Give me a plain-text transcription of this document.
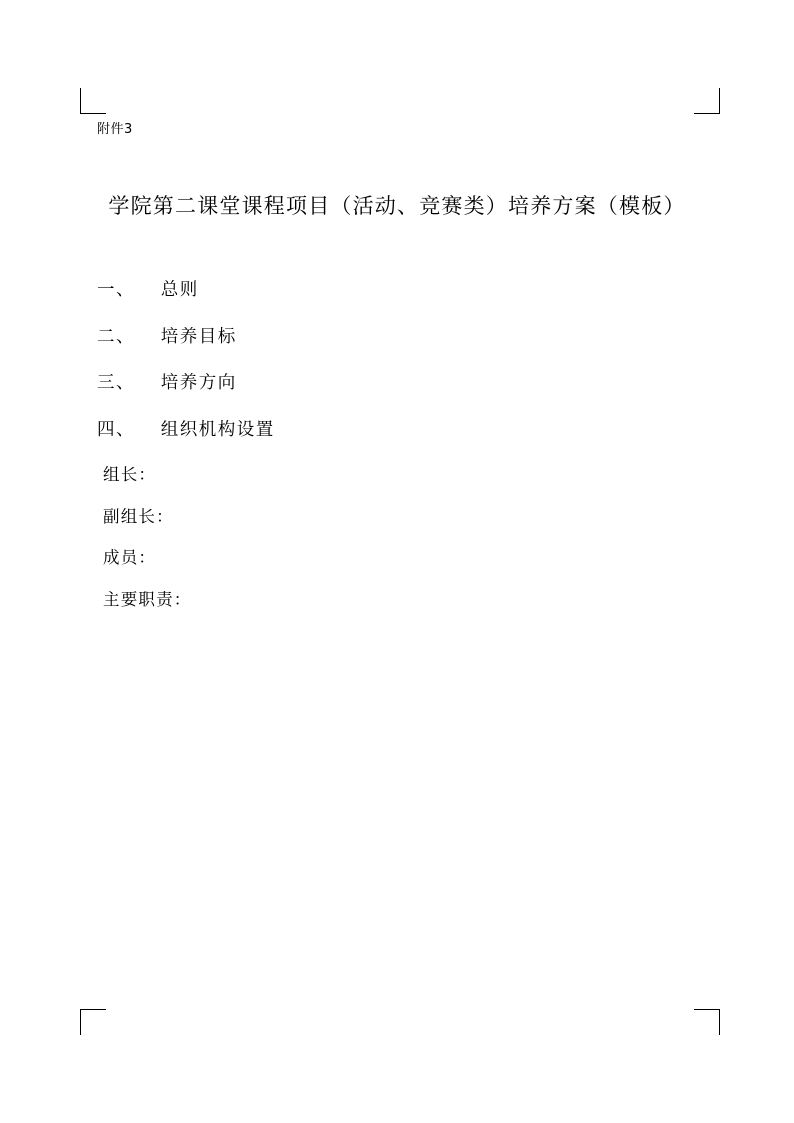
附件3

学院第二课堂课程项目（活动、竞赛类）培养方案（模板）
一、 总则
二、 培养目标
三、 培养方向
四、 组织机构设置
组长：
副组长：
成员：
主要职责：
